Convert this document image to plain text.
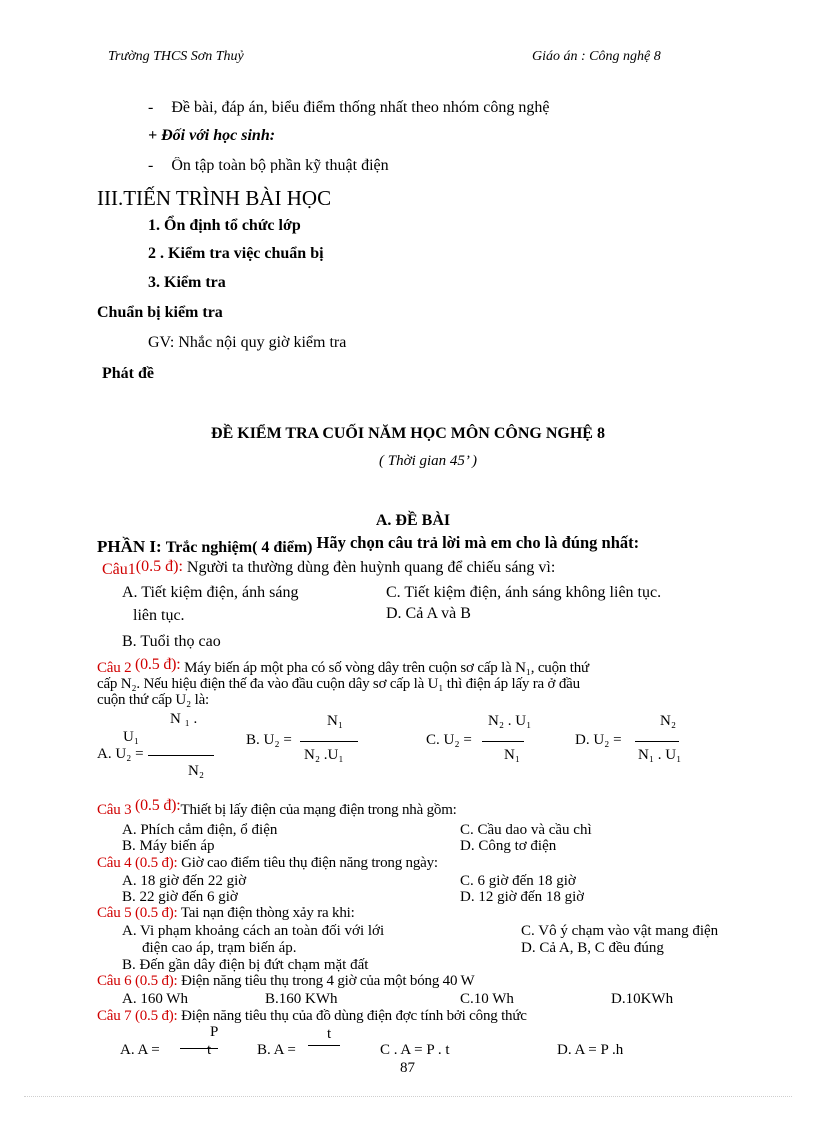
Trường THCS Sơn Thuỷ	Giáo án : Công nghệ 8
- Đề bài, đáp án, biểu điểm thống nhất theo nhóm công nghệ
+ Đối với học sinh:
- Ôn tập toàn bộ phần kỹ thuật điện
III.TIẾN TRÌNH BÀI HỌC
1. Ổn định tổ chức lớp
2 . Kiểm tra việc chuẩn bị
3. Kiểm tra
Chuẩn bị kiểm tra
GV: Nhắc nội quy giờ kiểm tra
Phát đề
ĐỀ KIỂM TRA CUỐI NĂM HỌC MÔN CÔNG NGHỆ 8
( Thời gian 45’ )
A. ĐỀ BÀI
PHẦN I: Trắc nghiệm( 4 điểm) Hãy chọn câu trả lời mà em cho là đúng nhất:
Câu1(0.5 đ): Người ta thường dùng đèn huỳnh quang để chiếu sáng vì:
A. Tiết kiệm điện, ánh sáng
liên tục.
C. Tiết kiệm điện, ánh sáng không liên tục.
D. Cả A và B
B. Tuổi thọ cao
Câu 2 (0.5 đ): Máy biến áp một pha có số vòng dây trên cuộn sơ cấp là N₁, cuộn thứ
cấp N₂. Nếu hiệu điện thế đa vào đầu cuộn dây sơ cấp là U₁ thì điện áp lấy ra ở đầu
cuộn thứ cấp U₂ là:
N ₁ .
U₁
A. U₂ =
N₂
B. U₂ =
N₁
N₂ .U₁
C. U₂ =
N₂ . U₁
N₁
D. U₂ =
N₂
N₁ . U₁
Câu 3 (0.5 đ):Thiết bị lấy điện của mạng điện trong nhà gồm:
A. Phích cắm điện, ổ điện	C. Cầu dao và cầu chì
B. Máy biến áp	D. Công tơ điện
Câu 4 (0.5 đ): Giờ cao điểm tiêu thụ điện năng trong ngày:
A. 18 giờ đến 22 giờ	C. 6 giờ đến 18 giờ
B. 22 giờ đến 6 giờ	D. 12 giờ đến 18 giờ
Câu 5 (0.5 đ): Tai nạn điện thòng xảy ra khi:
A. Vi phạm khoảng cách an toàn đối với lới
điện cao áp, trạm biến áp.
C. Vô ý chạm vào vật mang điện
D. Cả A, B, C đều đúng
B. Đến gần dây điện bị đứt chạm mặt đất
Câu 6 (0.5 đ): Điện năng tiêu thụ trong 4 giờ của một bóng 40 W
A. 160 Wh	B.160 KWh	C.10 Wh	D.10KWh
Câu 7 (0.5 đ): Điện năng tiêu thụ của đồ dùng điện đợc tính bởi công thức
P
A. A =	t	B. A =
t
C . A = P . t	D. A = P .h
87
